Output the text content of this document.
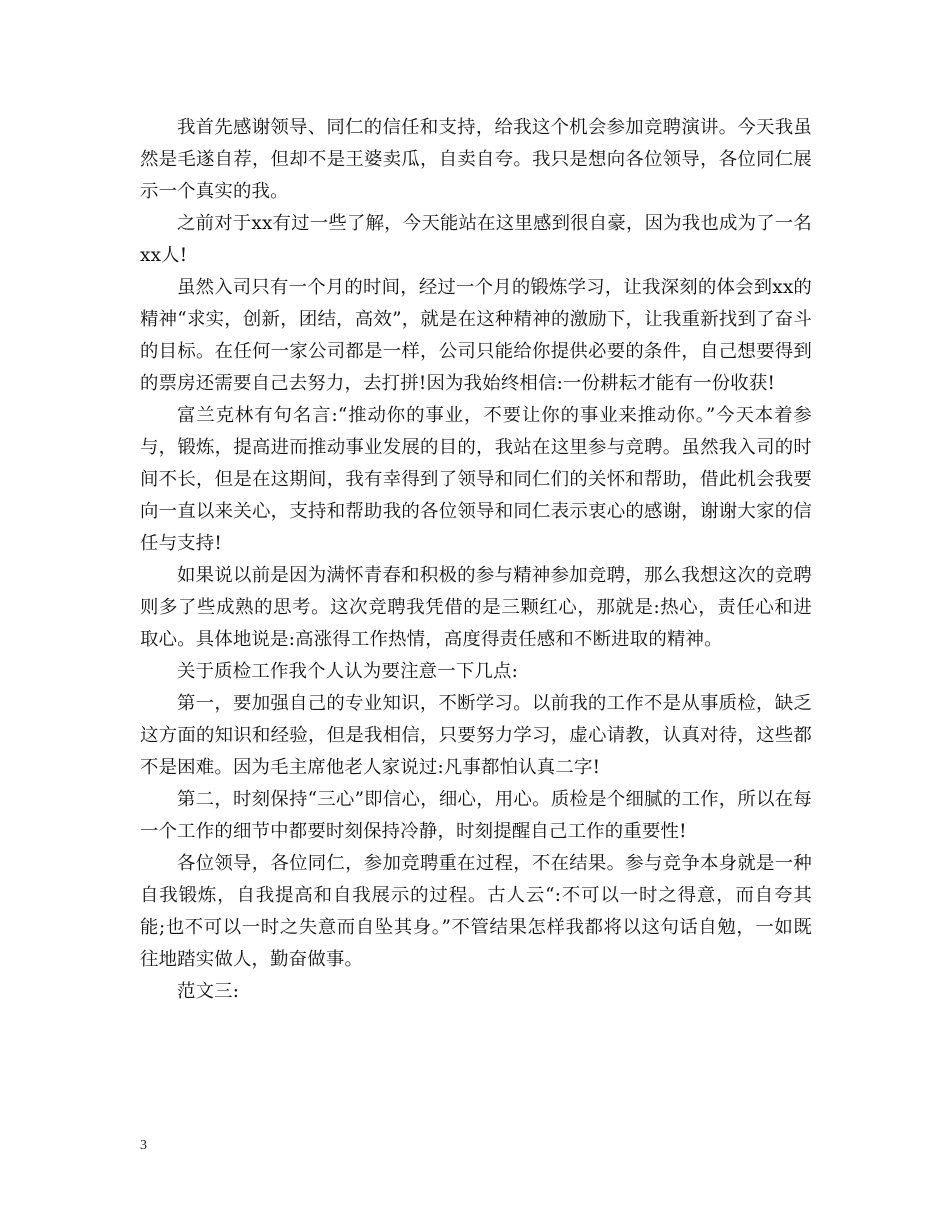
我首先感谢领导、同仁的信任和支持，给我这个机会参加竞聘演讲。今天我虽然是毛遂自荐，但却不是王婆卖瓜，自卖自夸。我只是想向各位领导，各位同仁展示一个真实的我。

之前对于xx有过一些了解，今天能站在这里感到很自豪，因为我也成为了一名xx人!

虽然入司只有一个月的时间，经过一个月的锻炼学习，让我深刻的体会到xx的精神“求实，创新，团结，高效”，就是在这种精神的激励下，让我重新找到了奋斗的目标。在任何一家公司都是一样，公司只能给你提供必要的条件，自己想要得到的票房还需要自己去努力，去打拼!因为我始终相信:一份耕耘才能有一份收获!

富兰克林有句名言:“推动你的事业，不要让你的事业来推动你。”今天本着参与，锻炼，提高进而推动事业发展的目的，我站在这里参与竞聘。虽然我入司的时间不长，但是在这期间，我有幸得到了领导和同仁们的关怀和帮助，借此机会我要向一直以来关心，支持和帮助我的各位领导和同仁表示衷心的感谢，谢谢大家的信任与支持!

如果说以前是因为满怀青春和积极的参与精神参加竞聘，那么我想这次的竞聘则多了些成熟的思考。这次竞聘我凭借的是三颗红心，那就是:热心，责任心和进取心。具体地说是:高涨得工作热情，高度得责任感和不断进取的精神。

关于质检工作我个人认为要注意一下几点:

第一，要加强自己的专业知识，不断学习。以前我的工作不是从事质检，缺乏这方面的知识和经验，但是我相信，只要努力学习，虚心请教，认真对待，这些都不是困难。因为毛主席他老人家说过:凡事都怕认真二字!

第二，时刻保持“三心”即信心，细心，用心。质检是个细腻的工作，所以在每一个工作的细节中都要时刻保持冷静，时刻提醒自己工作的重要性!

各位领导，各位同仁，参加竞聘重在过程，不在结果。参与竞争本身就是一种自我锻炼，自我提高和自我展示的过程。古人云“:不可以一时之得意，而自夸其能;也不可以一时之失意而自坠其身。”不管结果怎样我都将以这句话自勉，一如既往地踏实做人，勤奋做事。

范文三:

3
